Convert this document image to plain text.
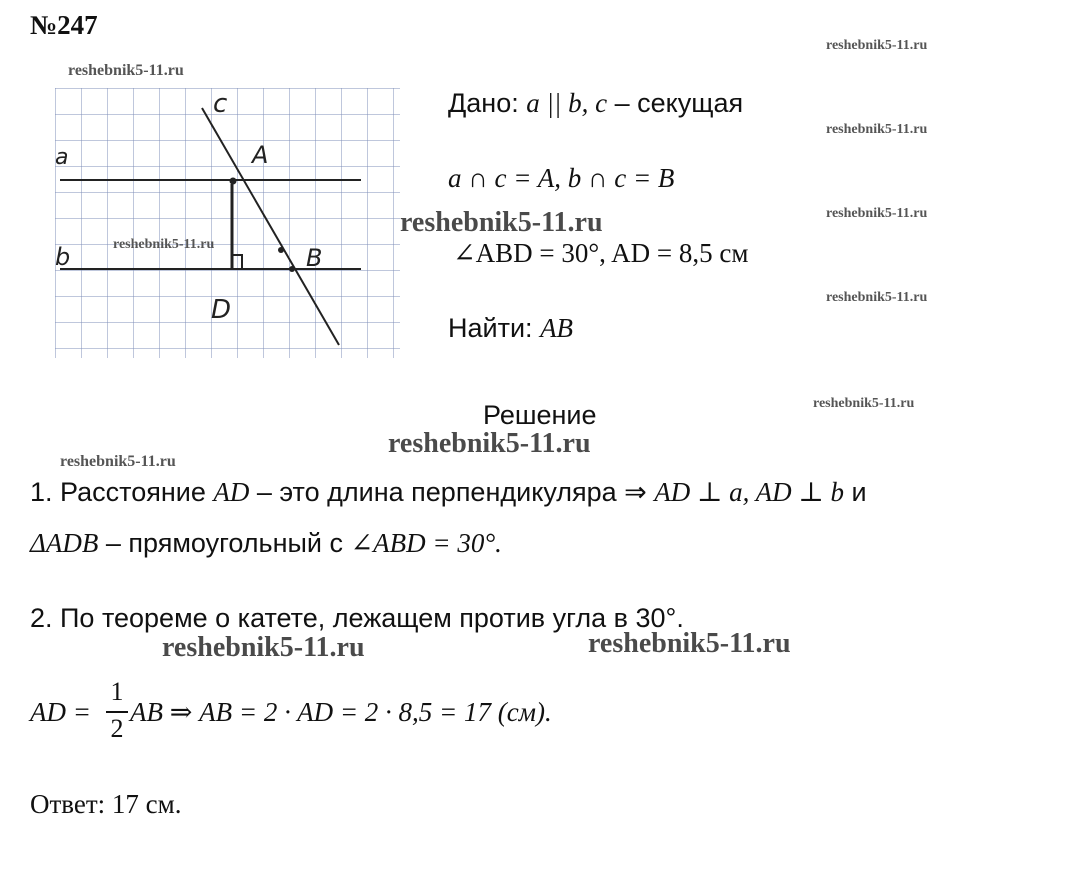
№247
reshebnik5-11.ru
reshebnik5-11.ru
reshebnik5-11.ru
reshebnik5-11.ru
reshebnik5-11.ru
reshebnik5-11.ru
reshebnik5-11.ru
reshebnik5-11.ru
reshebnik5-11.ru
reshebnik5-11.ru	reshebnik5-11.ru
c
a	A
b	B
D
reshebnik5-11.ru
Дано: a || b, c – секущая
a ∩ c = A, b ∩ c = B
∠ABD = 30°, AD = 8,5 см
Найти: AB
Решение
1. Расстояние AD – это длина перпендикуляра ⇒ AD ⊥ a, AD ⊥ b и
ΔADB – прямоугольный с ∠ABD = 30°.
2. По теореме о катете, лежащем против угла в 30°.
AD =
1
2
AB ⇒ AB = 2 · AD = 2 · 8,5 = 17 (см).
Ответ: 17 см.
